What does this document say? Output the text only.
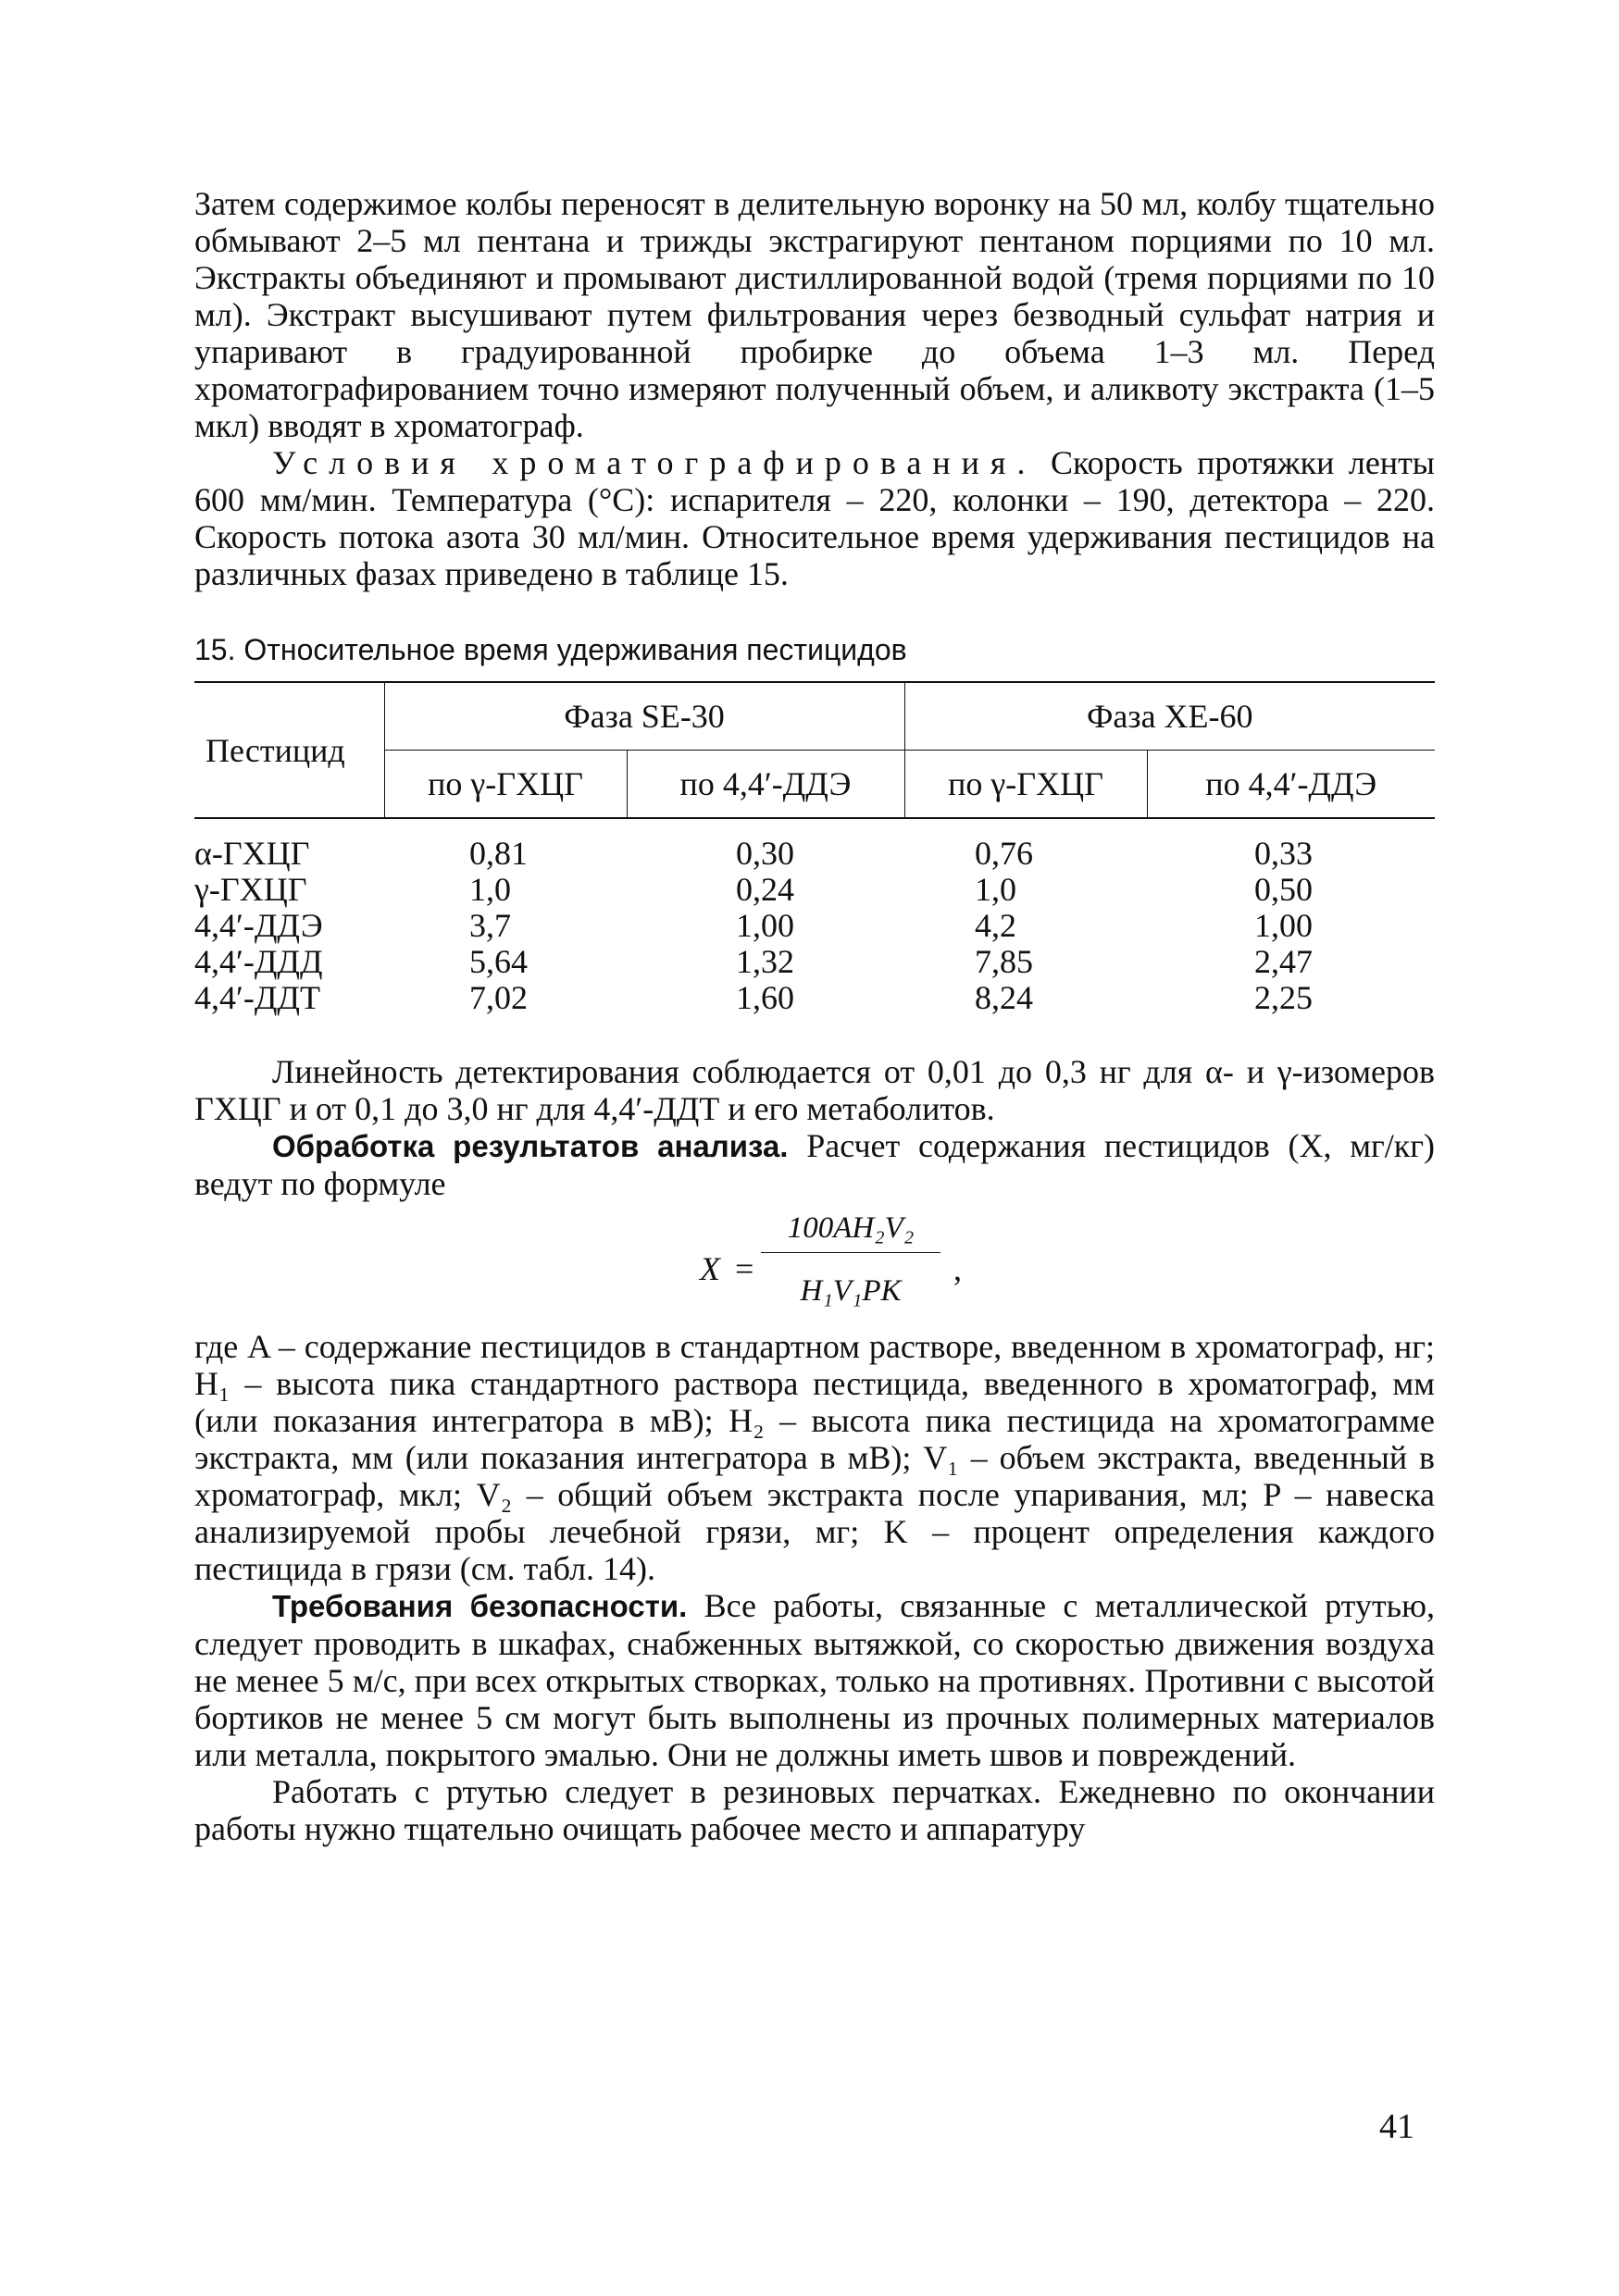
Затем содержимое колбы переносят в делительную воронку на 50 мл, колбу тщательно обмывают 2–5 мл пентана и трижды экстрагируют пентаном порциями по 10 мл. Экстракты объединяют и промывают дистиллированной водой (тремя порциями по 10 мл). Экстракт высушивают путем фильтрования через безводный сульфат натрия и упаривают в градуированной пробирке до объема 1–3 мл. Перед хроматографированием точно измеряют полученный объем, и аликвоту экстракта (1–5 мкл) вводят в хроматограф.

Условия хроматографирования. Скорость протяжки ленты 600 мм/мин. Температура (°С): испарителя – 220, колонки – 190, детектора – 220. Скорость потока азота 30 мл/мин. Относительное время удерживания пестицидов на различных фазах приведено в таблице 15.

15. Относительное время удерживания пестицидов
Пестицид	Фаза SE-30		Фаза XE-60	
	по γ-ГХЦГ	по 4,4′-ДДЭ	по γ-ГХЦГ	по 4,4′-ДДЭ
α-ГХЦГ	0,81	0,30	0,76	0,33
γ-ГХЦГ	1,0	0,24	1,0	0,50
4,4′-ДДЭ	3,7	1,00	4,2	1,00
4,4′-ДДД	5,64	1,32	7,85	2,47
4,4′-ДДТ	7,02	1,60	8,24	2,25

Линейность детектирования соблюдается от 0,01 до 0,3 нг для α- и γ-изомеров ГХЦГ и от 0,1 до 3,0 нг для 4,4′-ДДТ и его метаболитов.

Обработка результатов анализа. Расчет содержания пестицидов (X, мг/кг) ведут по формуле

X =
100AH₂V₂
H₁V₁PK
,

где A – содержание пестицидов в стандартном растворе, введенном в хроматограф, нг; H₁ – высота пика стандартного раствора пестицида, введенного в хроматограф, мм (или показания интегратора в мВ); H₂ – высота пика пестицида на хроматограмме экстракта, мм (или показания интегратора в мВ); V₁ – объем экстракта, введенный в хроматограф, мкл; V₂ – общий объем экстракта после упаривания, мл; P – навеска анализируемой пробы лечебной грязи, мг; K – процент определения каждого пестицида в грязи (см. табл. 14).

Требования безопасности. Все работы, связанные с металлической ртутью, следует проводить в шкафах, снабженных вытяжкой, со скоростью движения воздуха не менее 5 м/с, при всех открытых створках, только на противнях. Противни с высотой бортиков не менее 5 см могут быть выполнены из прочных полимерных материалов или металла, покрытого эмалью. Они не должны иметь швов и повреждений.

Работать с ртутью следует в резиновых перчатках. Ежедневно по окончании работы нужно тщательно очищать рабочее место и аппаратуру

41
